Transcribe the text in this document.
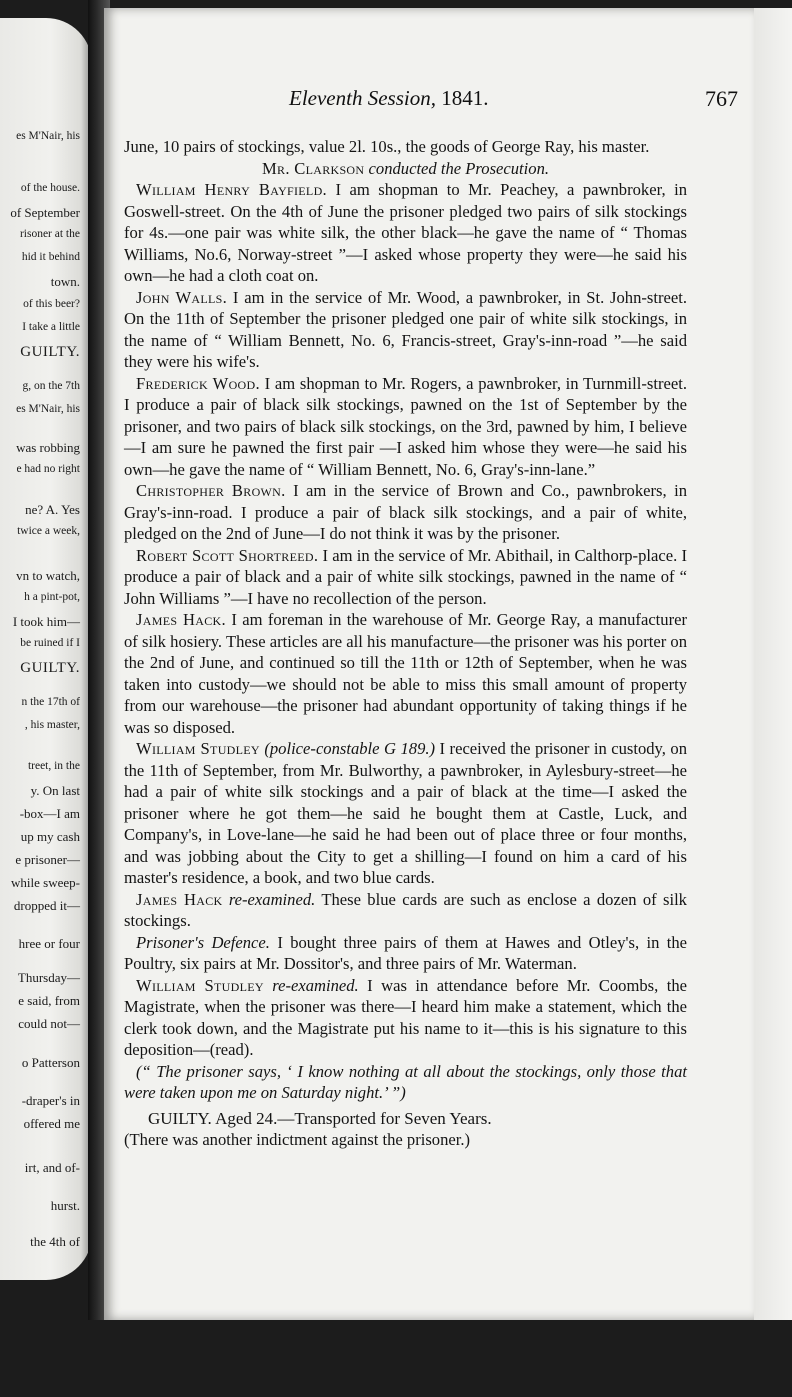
es M'Nair, his
of the house.
of September
risoner at the
hid it behind
town.
of this beer?
I take a little
GUILTY.
g, on the 7th
es M'Nair, his
was robbing
e had no right
ne? A. Yes
twice a week,
vn to watch,
h a pint-pot,
I took him—
be ruined if I
GUILTY.
n the 17th of
, his master,
treet, in the
y. On last
-box—I am
up my cash
e prisoner—
while sweep-
dropped it—
hree or four
Thursday—
e said, from
could not—
o Patterson
-draper's in
offered me
irt, and of-
hurst.
the 4th of
Eleventh Session, 1841.	767

June, 10 pairs of stockings, value 2l. 10s., the goods of George Ray, his master.

Mr. Clarkson conducted the Prosecution.

William Henry Bayfield. I am shopman to Mr. Peachey, a pawnbroker, in Goswell-street. On the 4th of June the prisoner pledged two pairs of silk stockings for 4s.—one pair was white silk, the other black—he gave the name of “ Thomas Williams, No.6, Norway-street ”—I asked whose property they were—he said his own—he had a cloth coat on.

John Walls. I am in the service of Mr. Wood, a pawnbroker, in St. John-street. On the 11th of September the prisoner pledged one pair of white silk stockings, in the name of “ William Bennett, No. 6, Francis-street, Gray's-inn-road ”—he said they were his wife's.

Frederick Wood. I am shopman to Mr. Rogers, a pawnbroker, in Turnmill-street. I produce a pair of black silk stockings, pawned on the 1st of September by the prisoner, and two pairs of black silk stockings, on the 3rd, pawned by him, I believe—I am sure he pawned the first pair —I asked him whose they were—he said his own—he gave the name of “ William Bennett, No. 6, Gray's-inn-lane.”

Christopher Brown. I am in the service of Brown and Co., pawnbrokers, in Gray's-inn-road. I produce a pair of black silk stockings, and a pair of white, pledged on the 2nd of June—I do not think it was by the prisoner.

Robert Scott Shortreed. I am in the service of Mr. Abithail, in Calthorp-place. I produce a pair of black and a pair of white silk stockings, pawned in the name of “ John Williams ”—I have no recollection of the person.

James Hack. I am foreman in the warehouse of Mr. George Ray, a manufacturer of silk hosiery. These articles are all his manufacture—the prisoner was his porter on the 2nd of June, and continued so till the 11th or 12th of September, when he was taken into custody—we should not be able to miss this small amount of property from our warehouse—the prisoner had abundant opportunity of taking things if he was so disposed.

William Studley (police-constable G 189.) I received the prisoner in custody, on the 11th of September, from Mr. Bulworthy, a pawnbroker, in Aylesbury-street—he had a pair of white silk stockings and a pair of black at the time—I asked the prisoner where he got them—he said he bought them at Castle, Luck, and Company's, in Love-lane—he said he had been out of place three or four months, and was jobbing about the City to get a shilling—I found on him a card of his master's residence, a book, and two blue cards.

James Hack re-examined. These blue cards are such as enclose a dozen of silk stockings.

Prisoner's Defence. I bought three pairs of them at Hawes and Otley's, in the Poultry, six pairs at Mr. Dossitor's, and three pairs of Mr. Waterman.

William Studley re-examined. I was in attendance before Mr. Coombs, the Magistrate, when the prisoner was there—I heard him make a statement, which the clerk took down, and the Magistrate put his name to it—this is his signature to this deposition—(read).

(“ The prisoner says, ‘ I know nothing at all about the stockings, only those that were taken upon me on Saturday night.’ ”)

GUILTY. Aged 24.—Transported for Seven Years.

(There was another indictment against the prisoner.)
